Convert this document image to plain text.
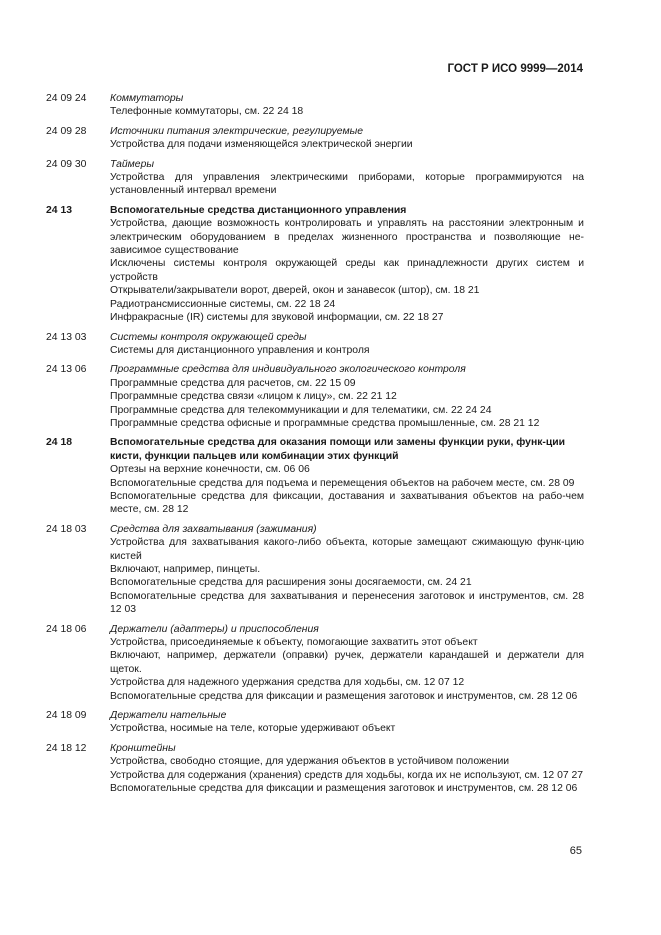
ГОСТ Р ИСО 9999—2014
24 09 24	Коммутаторы
Телефонные коммутаторы, см. 22 24 18
24 09 28	Источники питания электрические, регулируемые
Устройства для подачи изменяющейся электрической энергии
24 09 30	Таймеры
Устройства для управления электрическими приборами, которые программируются на установленный интервал времени
24 13	Вспомогательные средства дистанционного управления
Устройства, дающие возможность контролировать и управлять на расстоянии электронным и электрическим оборудованием в пределах жизненного пространства и позволяющие не-зависимое существование
Исключены системы контроля окружающей среды как принадлежности других систем и устройств
Открыватели/закрыватели ворот, дверей, окон и занавесок (штор), см. 18 21
Радиотрансмиссионные системы, см. 22 18 24
Инфракрасные (IR) системы для звуковой информации, см. 22 18 27
24 13 03	Системы контроля окружающей среды
Системы для дистанционного управления и контроля
24 13 06	Программные средства для индивидуального экологического контроля
Программные средства для расчетов, см. 22 15 09
Программные средства связи «лицом к лицу», см. 22 21 12
Программные средства для телекоммуникации и для телематики, см. 22 24 24
Программные средства офисные и программные средства промышленные, см. 28 21 12
24 18	Вспомогательные средства для оказания помощи или замены функции руки, функ-ции кисти, функции пальцев или комбинации этих функций
Ортезы на верхние конечности, см. 06 06
Вспомогательные средства для подъема и перемещения объектов на рабочем месте, см. 28 09
Вспомогательные средства для фиксации, доставания и захватывания объектов на рабо-чем месте, см. 28 12
24 18 03	Средства для захватывания (зажимания)
Устройства для захватывания какого-либо объекта, которые замещают сжимающую функ-цию кистей
Включают, например, пинцеты.
Вспомогательные средства для расширения зоны досягаемости, см. 24 21
Вспомогательные средства для захватывания и перенесения заготовок и инструментов, см. 28 12 03
24 18 06	Держатели (адаптеры) и приспособления
Устройства, присоединяемые к объекту, помогающие захватить этот объект
Включают, например, держатели (оправки) ручек, держатели карандашей и держатели для щеток.
Устройства для надежного удержания средства для ходьбы, см. 12 07 12
Вспомогательные средства для фиксации и размещения заготовок и инструментов, см. 28 12 06
24 18 09	Держатели нательные
Устройства, носимые на теле, которые удерживают объект
24 18 12	Кронштейны
Устройства, свободно стоящие, для удержания объектов в устойчивом положении
Устройства для содержания (хранения) средств для ходьбы, когда их не используют, см. 12 07 27
Вспомогательные средства для фиксации и размещения заготовок и инструментов, см. 28 12 06
65
